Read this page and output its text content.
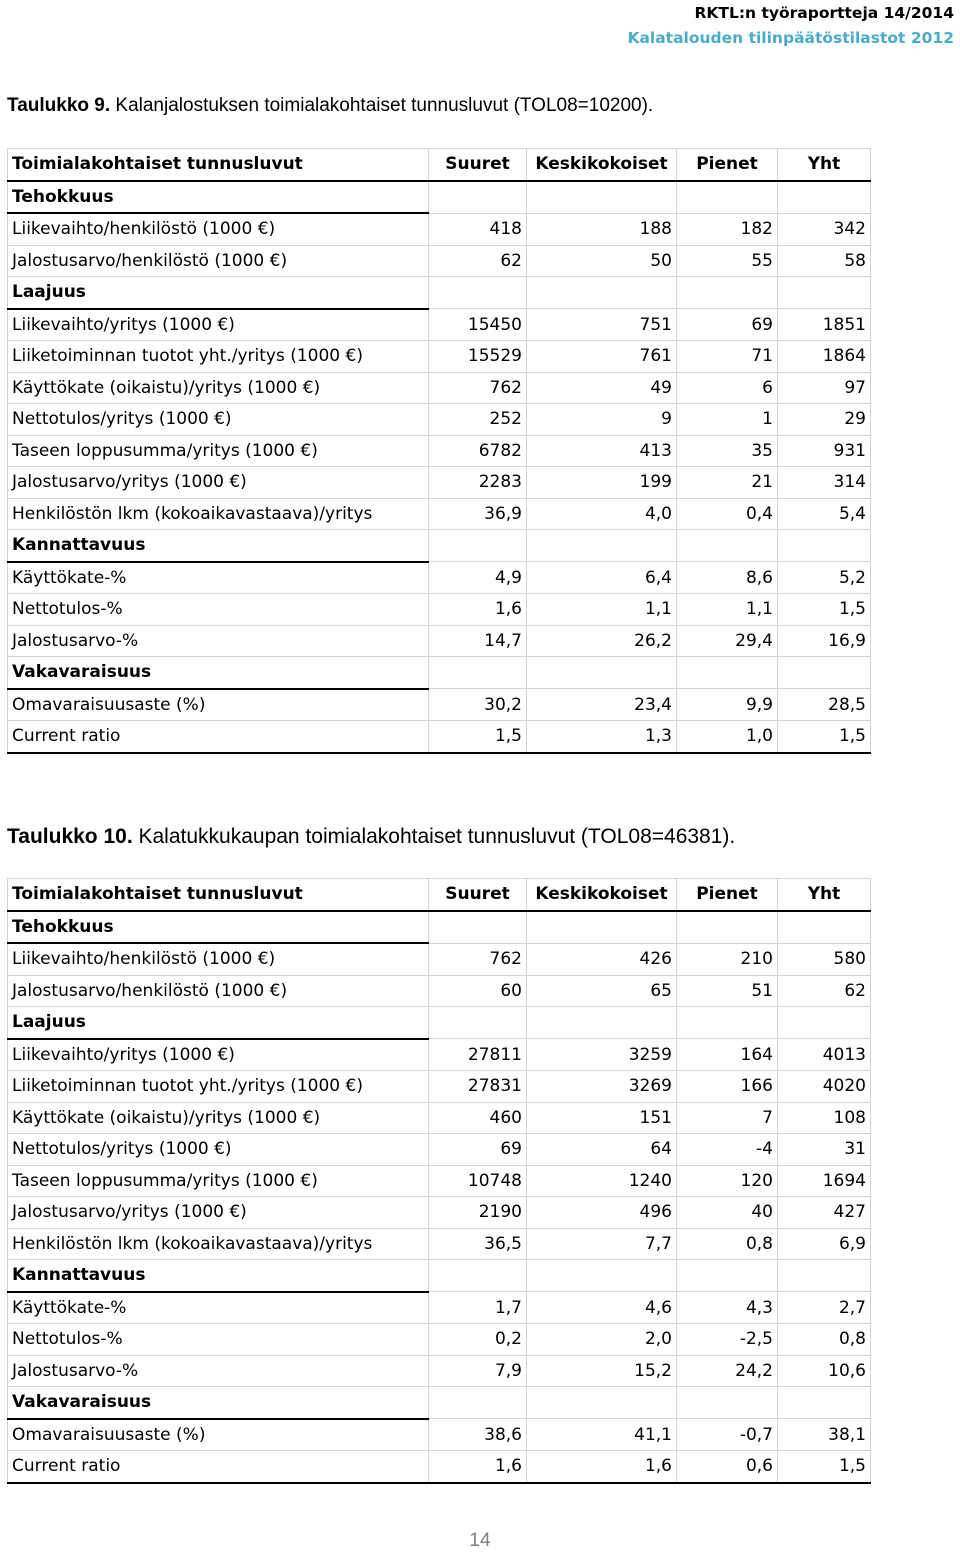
RKTL:n työraportteja 14/2014
Kalatalouden tilinpäätöstilastot 2012
Taulukko 9. Kalanjalostuksen toimialakohtaiset tunnusluvut (TOL08=10200).
Toimialakohtaiset tunnusluvut	Suuret	Keskikokoiset	Pienet	Yht
Tehokkuus				
Liikevaihto/henkilöstö (1000 €)	418	188	182	342
Jalostusarvo/henkilöstö (1000 €)	62	50	55	58
Laajuus				
Liikevaihto/yritys (1000 €)	15450	751	69	1851
Liiketoiminnan tuotot yht./yritys (1000 €)	15529	761	71	1864
Käyttökate (oikaistu)/yritys (1000 €)	762	49	6	97
Nettotulos/yritys (1000 €)	252	9	1	29
Taseen loppusumma/yritys (1000 €)	6782	413	35	931
Jalostusarvo/yritys (1000 €)	2283	199	21	314
Henkilöstön lkm (kokoaikavastaava)/yritys	36,9	4,0	0,4	5,4
Kannattavuus				
Käyttökate-%	4,9	6,4	8,6	5,2
Nettotulos-%	1,6	1,1	1,1	1,5
Jalostusarvo-%	14,7	26,2	29,4	16,9
Vakavaraisuus				
Omavaraisuusaste (%)	30,2	23,4	9,9	28,5
Current ratio	1,5	1,3	1,0	1,5
Taulukko 10. Kalatukkukaupan toimialakohtaiset tunnusluvut (TOL08=46381).
Toimialakohtaiset tunnusluvut	Suuret	Keskikokoiset	Pienet	Yht
Tehokkuus				
Liikevaihto/henkilöstö (1000 €)	762	426	210	580
Jalostusarvo/henkilöstö (1000 €)	60	65	51	62
Laajuus				
Liikevaihto/yritys (1000 €)	27811	3259	164	4013
Liiketoiminnan tuotot yht./yritys (1000 €)	27831	3269	166	4020
Käyttökate (oikaistu)/yritys (1000 €)	460	151	7	108
Nettotulos/yritys (1000 €)	69	64	-4	31
Taseen loppusumma/yritys (1000 €)	10748	1240	120	1694
Jalostusarvo/yritys (1000 €)	2190	496	40	427
Henkilöstön lkm (kokoaikavastaava)/yritys	36,5	7,7	0,8	6,9
Kannattavuus				
Käyttökate-%	1,7	4,6	4,3	2,7
Nettotulos-%	0,2	2,0	-2,5	0,8
Jalostusarvo-%	7,9	15,2	24,2	10,6
Vakavaraisuus				
Omavaraisuusaste (%)	38,6	41,1	-0,7	38,1
Current ratio	1,6	1,6	0,6	1,5
14
